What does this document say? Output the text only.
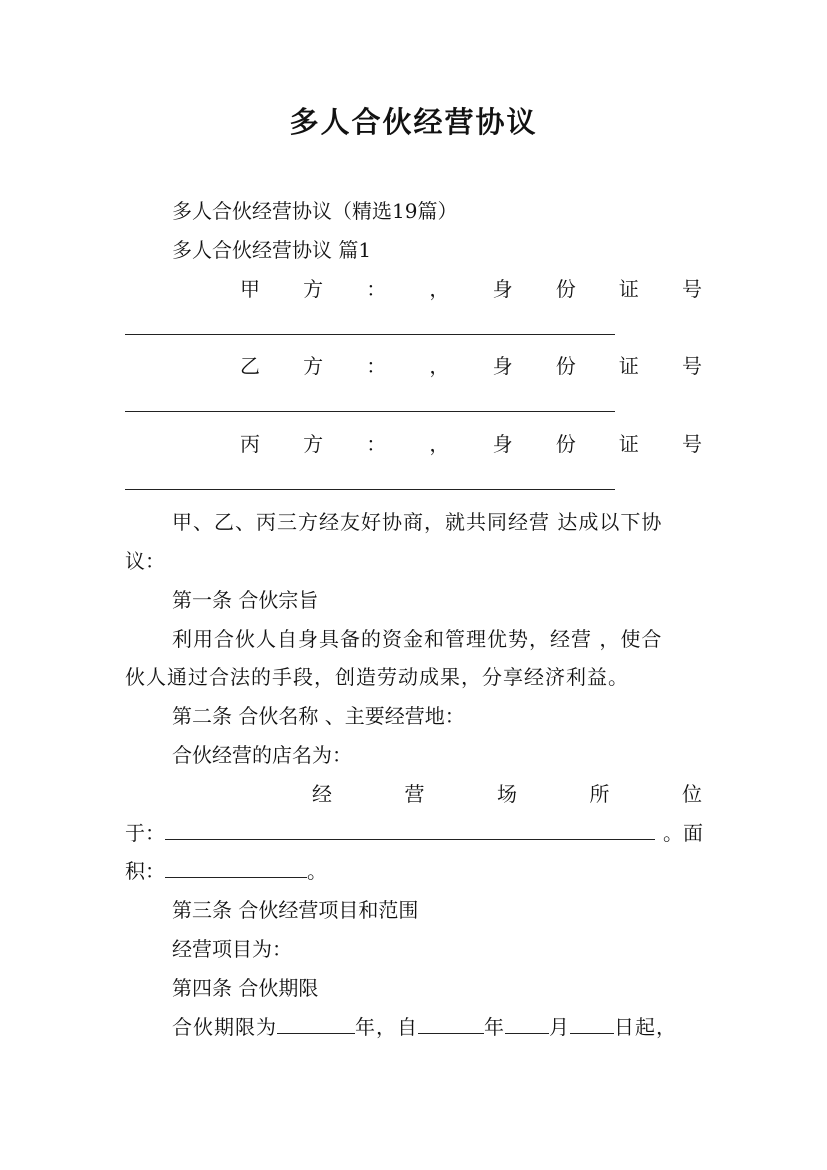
多人合伙经营协议
多人合伙经营协议（精选19篇）
多人合伙经营协议 篇1
甲 方 ： ， 身 份 证 号
乙 方 ： ， 身 份 证 号
丙 方 ： ， 身 份 证 号
甲、乙、丙三方经友好协商，就共同经营 达成以下协
议：
第一条 合伙宗旨
利用合伙人自身具备的资金和管理优势，经营 ，使合
伙人通过合法的手段，创造劳动成果，分享经济利益。
第二条 合伙名称 、主要经营地：
合伙经营的店名为：
经	营	场	所	位
于：	。面
积：	。
第三条 合伙经营项目和范围
经营项目为：
第四条 合伙期限
合伙期限为	年，自	年 月 日起，
